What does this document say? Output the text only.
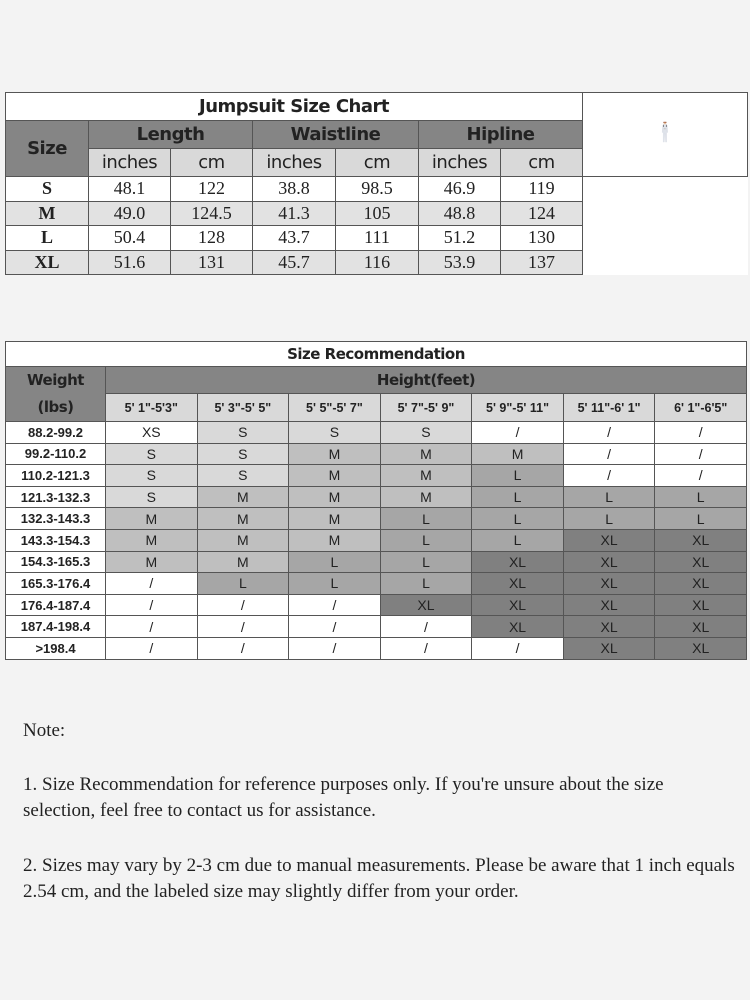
Jumpsuit Size Chart	
Size	Length		Waistline		Hipline		
	inches	cm	inches	cm	inches	cm	
S	48.1	122	38.8	98.5	46.9	119	
M	49.0	124.5	41.3	105	48.8	124	
L	50.4	128	43.7	111	51.2	130	
XL	51.6	131	45.7	116	53.9	137	
Size Recommendation							
Weight	Height(feet)						
(lbs)	5' 1"-5'3"	5' 3"-5' 5"	5' 5"-5' 7"	5' 7"-5' 9"	5' 9"-5' 11"	5' 11"-6' 1"	6' 1"-6'5"
88.2-99.2	XS	S	S	S	/	/	/
99.2-110.2	S	S	M	M	M	/	/
110.2-121.3	S	S	M	M	L	/	/
121.3-132.3	S	M	M	M	L	L	L
132.3-143.3	M	M	M	L	L	L	L
143.3-154.3	M	M	M	L	L	XL	XL
154.3-165.3	M	M	L	L	XL	XL	XL
165.3-176.4	/	L	L	L	XL	XL	XL
176.4-187.4	/	/	/	XL	XL	XL	XL
187.4-198.4	/	/	/	/	XL	XL	XL
>198.4	/	/	/	/	/	XL	XL

Note:

1. Size Recommendation for reference purposes only. If you're unsure about the size selection, feel free to contact us for assistance.

2. Sizes may vary by 2-3 cm due to manual measurements. Please be aware that 1 inch equals 2.54 cm, and the labeled size may slightly differ from your order.
